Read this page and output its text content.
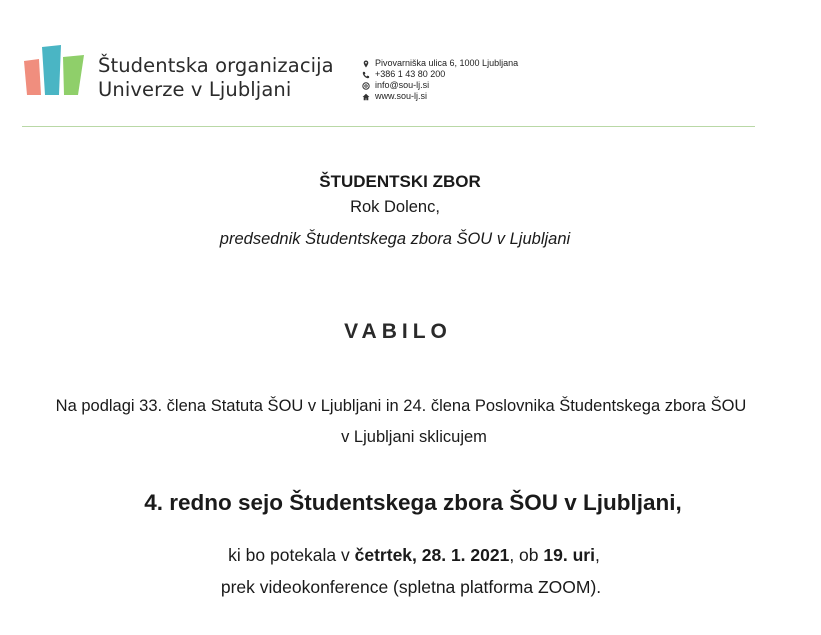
Študentska organizacija
Univerze v Ljubljani
Pivovarniška ulica 6, 1000 Ljubljana
+386 1 43 80 200
info@sou-lj.si
www.sou-lj.si
ŠTUDENTSKI ZBOR
Rok Dolenc,
predsednik Študentskega zbora ŠOU v Ljubljani
VABILO
Na podlagi 33. člena Statuta ŠOU v Ljubljani in 24. člena Poslovnika Študentskega zbora ŠOU
v Ljubljani sklicujem
4. redno sejo Študentskega zbora ŠOU v Ljubljani,
ki bo potekala v četrtek, 28. 1. 2021, ob 19. uri,
prek videokonference (spletna platforma ZOOM).
